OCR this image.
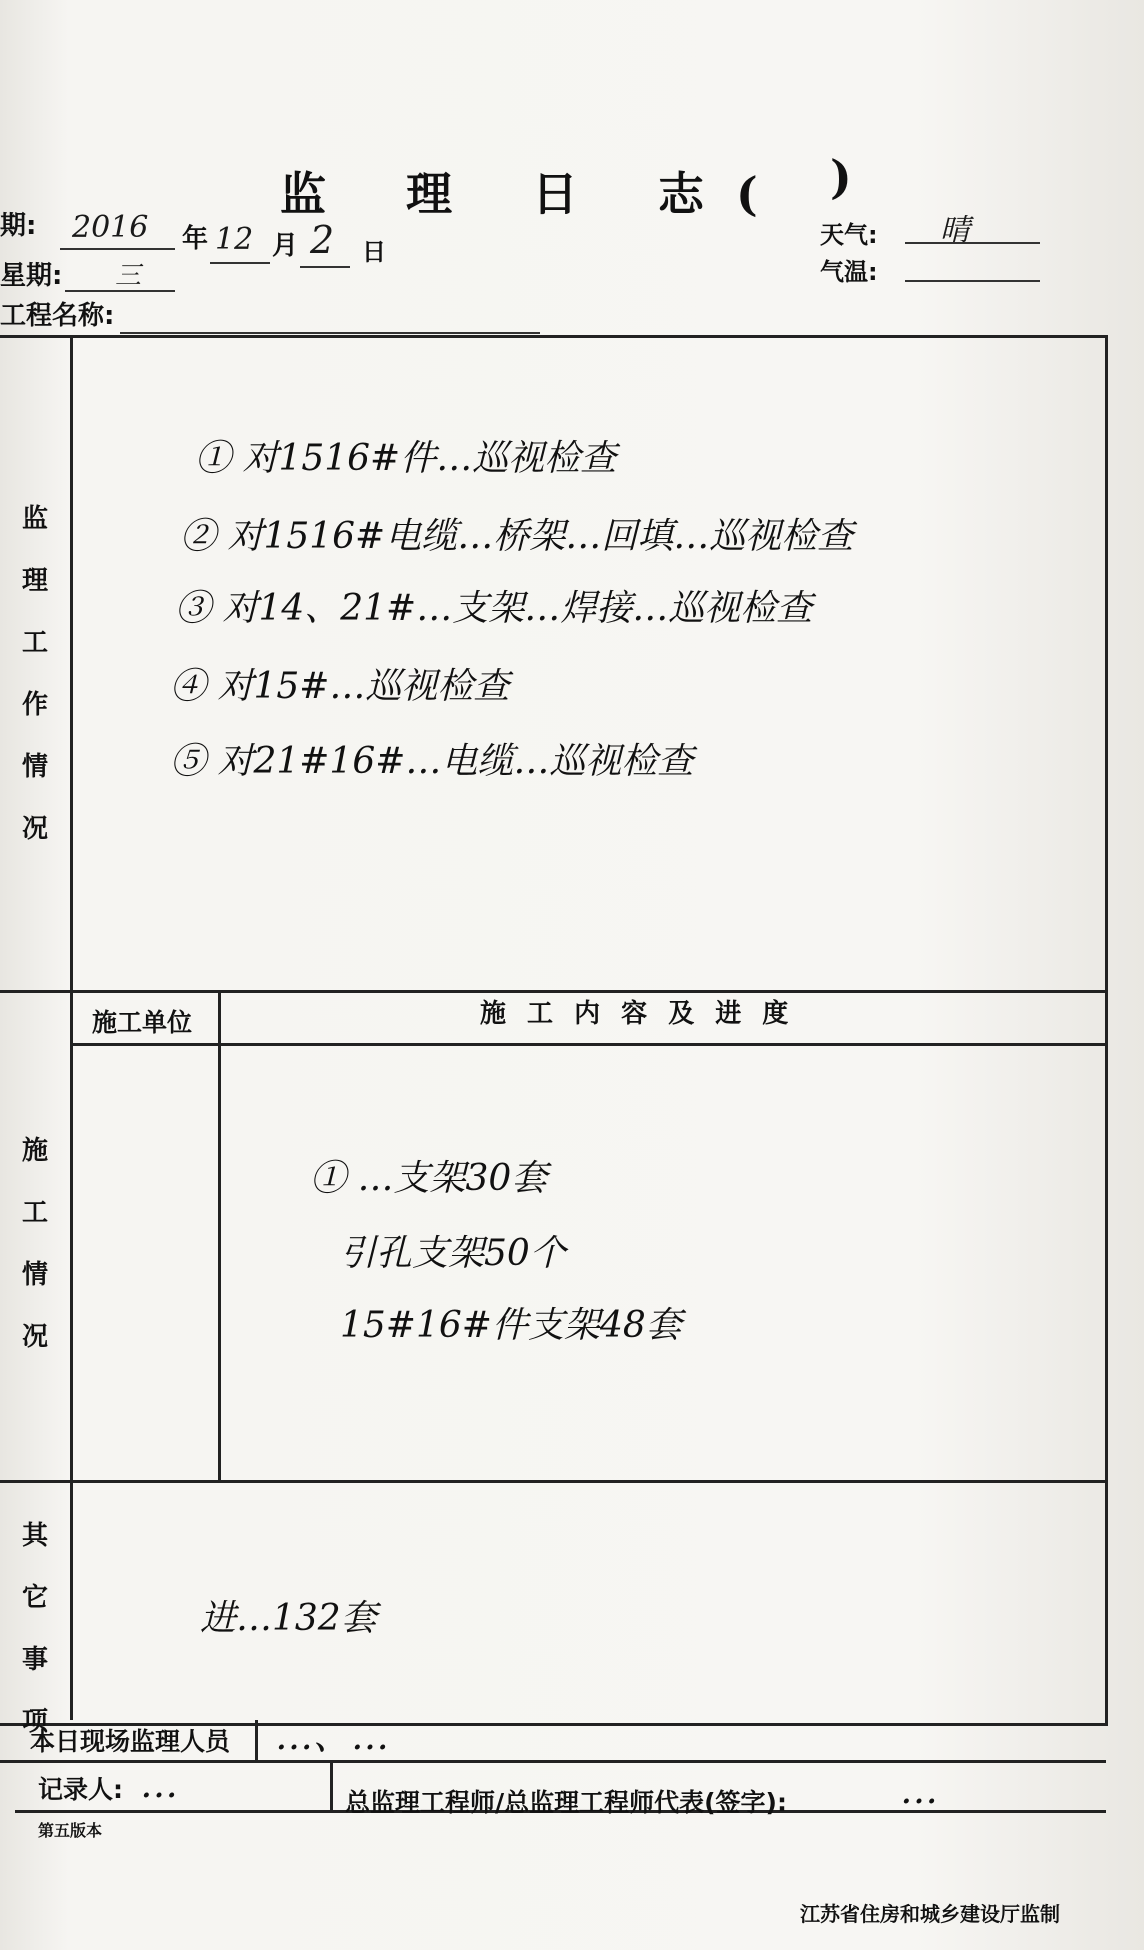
监 理 日 志( )
期: 2016 年 12 月 2 日
星期: 三
工程名称:
天气: 晴
气温:
监
理
工
作
情
况
① 对1516#件…巡视检查
② 对1516#电缆…桥架…回填…巡视检查
③ 对14、21#…支架…焊接…巡视检查
④ 对15#…巡视检查
⑤ 对21#16#…电缆…巡视检查
施工单位	施 工 内 容 及 进 度
施
工
情
况
① …支架30套
引孔支架50个
15#16#件支架48套
其
它
事
项
进…132套
本日现场监理人员 …、…
记录人: …	总监理工程师/总监理工程师代表(签字):	…
第五版本
江苏省住房和城乡建设厅监制
